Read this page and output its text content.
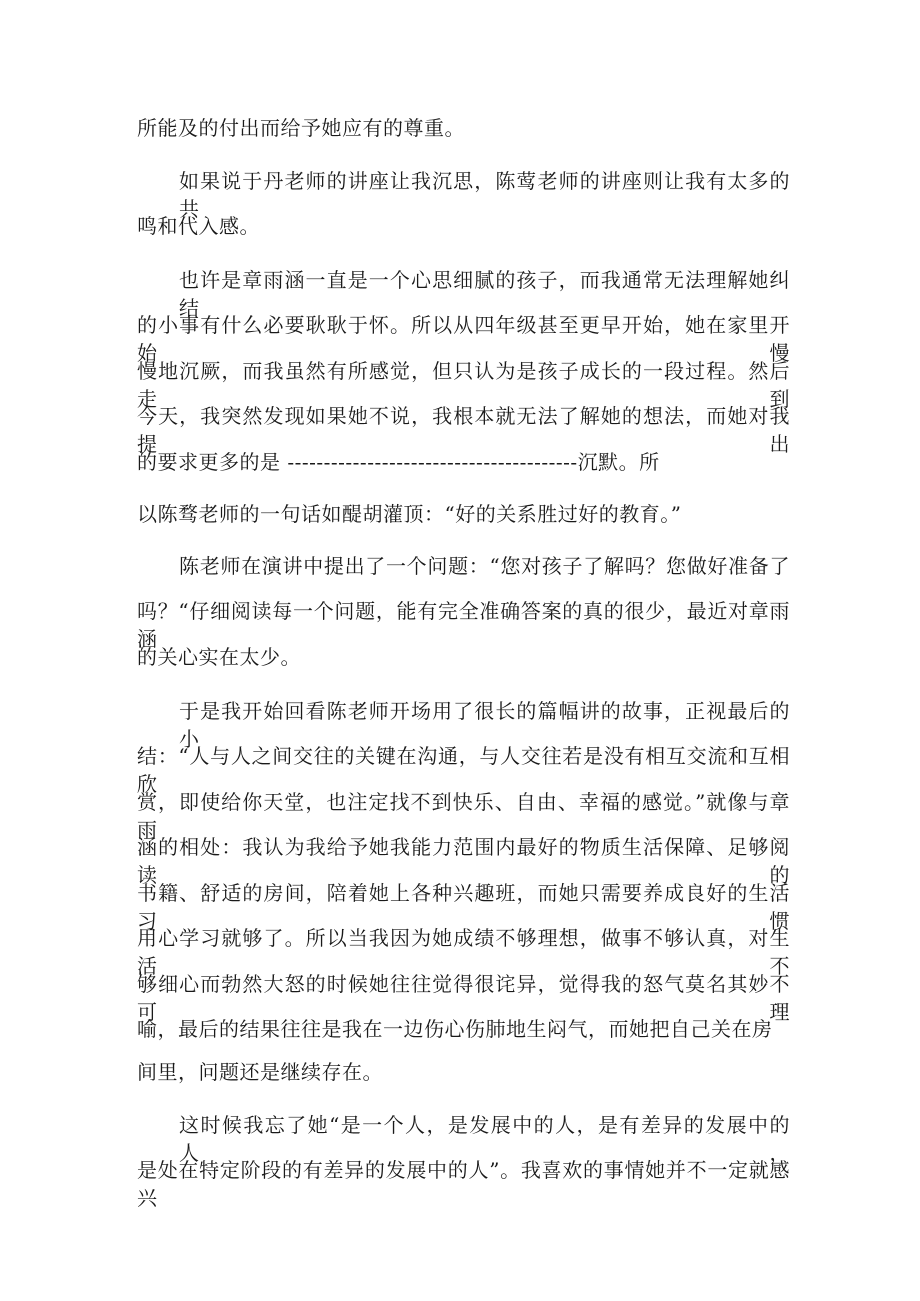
所能及的付出而给予她应有的尊重。
如果说于丹老师的讲座让我沉思，陈莺老师的讲座则让我有太多的共
鸣和代入感。
也许是章雨涵一直是一个心思细腻的孩子，而我通常无法理解她纠结
的小事有什么必要耿耿于怀。所以从四年级甚至更早开始，她在家里开始慢
慢地沉厥，而我虽然有所感觉，但只认为是孩子成长的一段过程。然后走到
今天，我突然发现如果她不说，我根本就无法了解她的想法，而她对我提出
的要求更多的是 ----------------------------------------沉默。所
以陈骛老师的一句话如醍胡灌顶：“好的关系胜过好的教育。”
陈老师在演讲中提出了一个问题：“您对孩子了解吗？您做好准备了
吗？“仔细阅读每一个问题，能有完全准确答案的真的很少，最近对章雨涵
的关心实在太少。
于是我开始回看陈老师开场用了很长的篇幅讲的故事，正视最后的小
结：“人与人之间交往的关键在沟通，与人交往若是没有相互交流和互相欣
赏，即使给你天堂，也注定找不到快乐、自由、幸福的感觉。”就像与章雨
涵的相处：我认为我给予她我能力范围内最好的物质生活保障、足够阅读的
书籍、舒适的房间，陪着她上各种兴趣班，而她只需要养成良好的生活习惯
用心学习就够了。所以当我因为她成绩不够理想，做事不够认真，对生活不
够细心而勃然大怒的时候她往往觉得很诧异，觉得我的怒气莫名其妙不可理
喻，最后的结果往往是我在一边伤心伤肺地生闷气，而她把自己关在房
间里，问题还是继续存在。
这时候我忘了她“是一个人，是发展中的人，是有差异的发展中的人，
是处在特定阶段的有差异的发展中的人”。我喜欢的事情她并不一定就感兴
